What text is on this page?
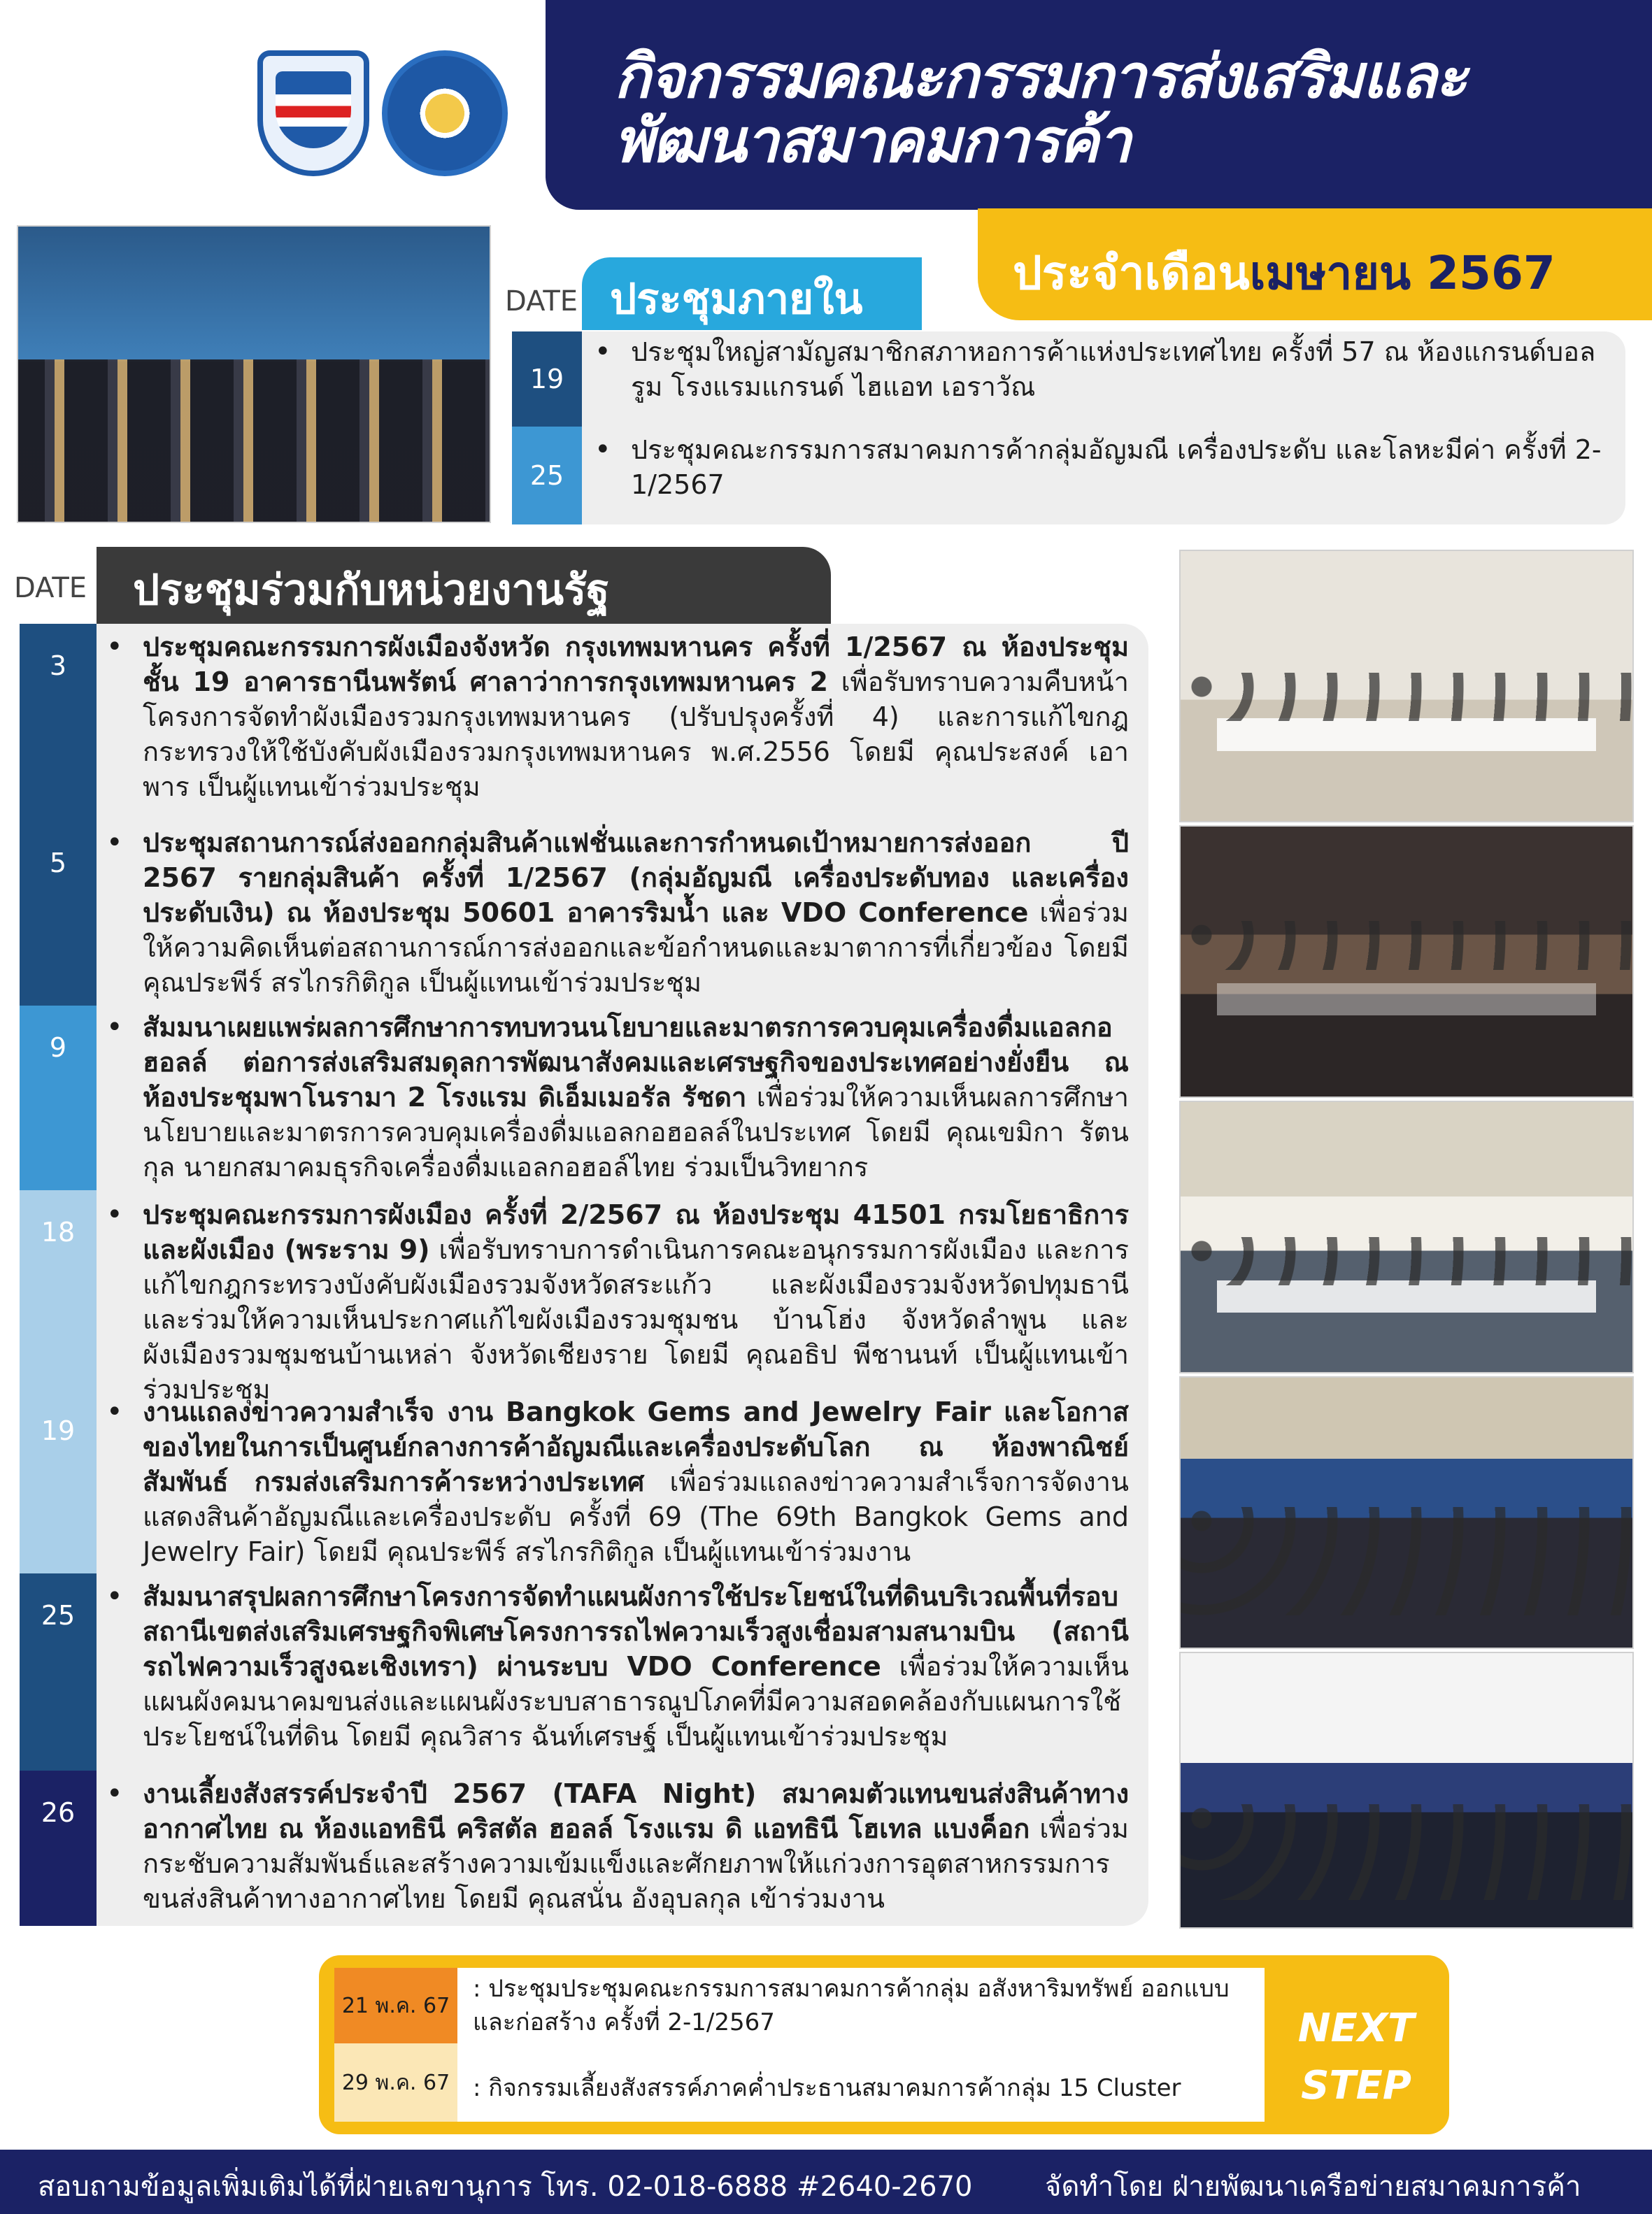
กิจกรรมคณะกรรมการส่งเสริมและ
พัฒนาสมาคมการค้า
ประจำเดือนเมษายน 2567
DATE ประชุมภายใน
19
25
• ประชุมใหญ่สามัญสมาชิกสภาหอการค้าแห่งประเทศไทย ครั้งที่ 57 ณ ห้องแกรนด์บอลรูม โรงแรมแกรนด์ ไฮแอท เอราวัณ
• ประชุมคณะกรรมการสมาคมการค้ากลุ่มอัญมณี เครื่องประดับ และโลหะมีค่า ครั้งที่ 2-1/2567
DATE ประชุมร่วมกับหน่วยงานรัฐ
3
5
9
18
19
25
26
• ประชุมคณะกรรมการผังเมืองจังหวัด กรุงเทพมหานคร ครั้งที่ 1/2567 ณ ห้องประชุมชั้น 19 อาคารธานีนพรัตน์ ศาลาว่าการกรุงเทพมหานคร 2 เพื่อรับทราบความคืบหน้าโครงการจัดทำผังเมืองรวมกรุงเทพมหานคร (ปรับปรุงครั้งที่ 4) และการแก้ไขกฎกระทรวงให้ใช้บังคับผังเมืองรวมกรุงเทพมหานคร พ.ศ.2556 โดยมี คุณประสงค์ เอาพาร เป็นผู้แทนเข้าร่วมประชุม
• ประชุมสถานการณ์ส่งออกกลุ่มสินค้าแฟชั่นและการกำหนดเป้าหมายการส่งออก ปี 2567 รายกลุ่มสินค้า ครั้งที่ 1/2567 (กลุ่มอัญมณี เครื่องประดับทอง และเครื่องประดับเงิน) ณ ห้องประชุม 50601 อาคารริมน้ำ และ VDO Conference เพื่อร่วมให้ความคิดเห็นต่อสถานการณ์การส่งออกและข้อกำหนดและมาตาการที่เกี่ยวข้อง โดยมี คุณประพีร์ สรไกรกิติกูล เป็นผู้แทนเข้าร่วมประชุม
• สัมมนาเผยแพร่ผลการศึกษาการทบทวนนโยบายและมาตรการควบคุมเครื่องดื่มแอลกอฮอลล์ ต่อการส่งเสริมสมดุลการพัฒนาสังคมและเศรษฐกิจของประเทศอย่างยั่งยืน ณ ห้องประชุมพาโนรามา 2 โรงแรม ดิเอ็มเมอรัล รัชดา เพื่อร่วมให้ความเห็นผลการศึกษานโยบายและมาตรการควบคุมเครื่องดื่มแอลกอฮอลล์ในประเทศ โดยมี คุณเขมิกา รัตนกุล นายกสมาคมธุรกิจเครื่องดื่มแอลกอฮอล์ไทย ร่วมเป็นวิทยากร
• ประชุมคณะกรรมการผังเมือง ครั้งที่ 2/2567 ณ ห้องประชุม 41501 กรมโยธาธิการและผังเมือง (พระราม 9) เพื่อรับทราบการดำเนินการคณะอนุกรรมการผังเมือง และการแก้ไขกฎกระทรวงบังคับผังเมืองรวมจังหวัดสระแก้ว และผังเมืองรวมจังหวัดปทุมธานี และร่วมให้ความเห็นประกาศแก้ไขผังเมืองรวมชุมชน บ้านโฮ่ง จังหวัดลำพูน และผังเมืองรวมชุมชนบ้านเหล่า จังหวัดเชียงราย โดยมี คุณอธิป พีชานนท์ เป็นผู้แทนเข้าร่วมประชุม
• งานแถลงข่าวความสำเร็จ งาน Bangkok Gems and Jewelry Fair และโอกาสของไทยในการเป็นศูนย์กลางการค้าอัญมณีและเครื่องประดับโลก ณ ห้องพาณิชย์สัมพันธ์ กรมส่งเสริมการค้าระหว่างประเทศ เพื่อร่วมแถลงข่าวความสำเร็จการจัดงานแสดงสินค้าอัญมณีและเครื่องประดับ ครั้งที่ 69 (The 69th Bangkok Gems and Jewelry Fair) โดยมี คุณประพีร์ สรไกรกิติกูล เป็นผู้แทนเข้าร่วมงาน
• สัมมนาสรุปผลการศึกษาโครงการจัดทำแผนผังการใช้ประโยชน์ในที่ดินบริเวณพื้นที่รอบสถานีเขตส่งเสริมเศรษฐกิจพิเศษโครงการรถไฟความเร็วสูงเชื่อมสามสนามบิน (สถานีรถไฟความเร็วสูงฉะเชิงเทรา) ผ่านระบบ VDO Conference เพื่อร่วมให้ความเห็นแผนผังคมนาคมขนส่งและแผนผังระบบสาธารณูปโภคที่มีความสอดคล้องกับแผนการใช้ประโยชน์ในที่ดิน โดยมี คุณวิสาร ฉันท์เศรษฐ์ เป็นผู้แทนเข้าร่วมประชุม
• งานเลี้ยงสังสรรค์ประจำปี 2567 (TAFA Night) สมาคมตัวแทนขนส่งสินค้าทางอากาศไทย ณ ห้องแอทธินี คริสตัล ฮอลล์ โรงแรม ดิ แอทธินี โฮเทล แบงค็อก เพื่อร่วมกระชับความสัมพันธ์และสร้างความเข้มแข็งและศักยภาพให้แก่วงการอุตสาหกรรมการขนส่งสินค้าทางอากาศไทย โดยมี คุณสนั่น อังอุบลกุล เข้าร่วมงาน
21 พ.ค. 67
29 พ.ค. 67
: ประชุมประชุมคณะกรรมการสมาคมการค้ากลุ่ม อสังหาริมทรัพย์ ออกแบบและก่อสร้าง ครั้งที่ 2-1/2567
: กิจกรรมเลี้ยงสังสรรค์ภาคค่ำประธานสมาคมการค้ากลุ่ม 15 Cluster
NEXT
STEP
สอบถามข้อมูลเพิ่มเติมได้ที่ฝ่ายเลขานุการ โทร. 02-018-6888 #2640-2670	จัดทำโดย ฝ่ายพัฒนาเครือข่ายสมาคมการค้า
